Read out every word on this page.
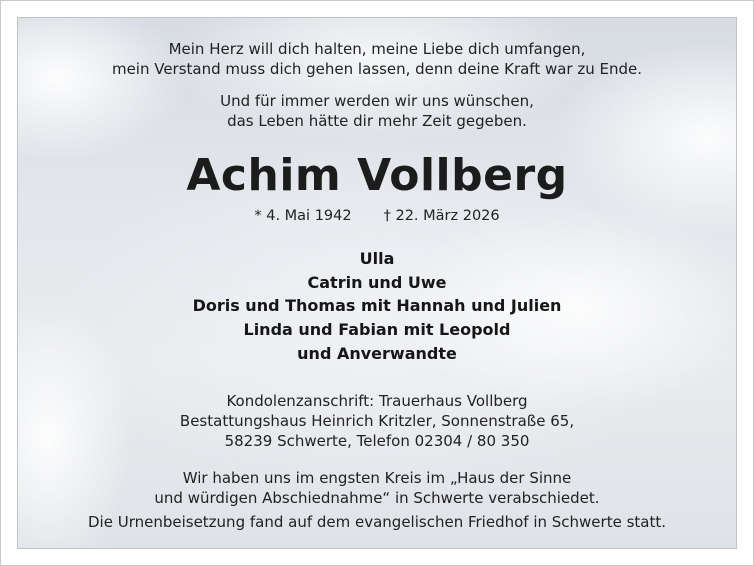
Mein Herz will dich halten, meine Liebe dich umfangen,

mein Verstand muss dich gehen lassen, denn deine Kraft war zu Ende.

Und für immer werden wir uns wünschen,

das Leben hätte dir mehr Zeit gegeben.

Achim Vollberg

* 4. Mai 1942 † 22. März 2026

Ulla

Catrin und Uwe

Doris und Thomas mit Hannah und Julien

Linda und Fabian mit Leopold

und Anverwandte

Kondolenzanschrift: Trauerhaus Vollberg

Bestattungshaus Heinrich Kritzler, Sonnenstraße 65,

58239 Schwerte, Telefon 02304 / 80 350

Wir haben uns im engsten Kreis im „Haus der Sinne

und würdigen Abschiednahme“ in Schwerte verabschiedet.

Die Urnenbeisetzung fand auf dem evangelischen Friedhof in Schwerte statt.
